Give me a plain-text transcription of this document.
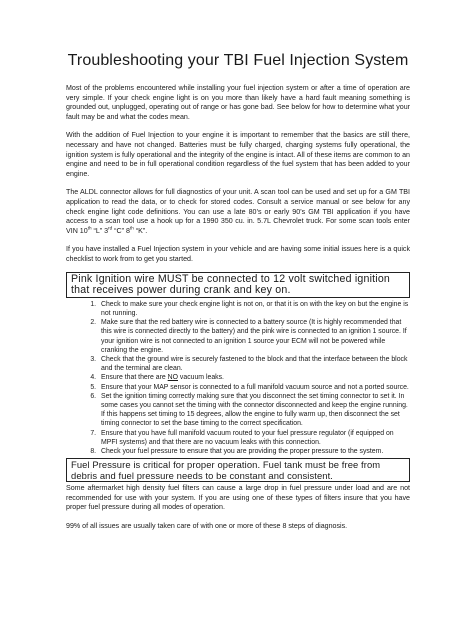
Troubleshooting your TBI Fuel Injection System

Most of the problems encountered while installing your fuel injection system or after a time of operation are very simple. If your check engine light is on you more than likely have a hard fault meaning something is grounded out, unplugged, operating out of range or has gone bad. See below for how to determine what your fault may be and what the codes mean.

With the addition of Fuel Injection to your engine it is important to remember that the basics are still there, necessary and have not changed. Batteries must be fully charged, charging systems fully operational, the ignition system is fully operational and the integrity of the engine is intact. All of these items are common to an engine and need to be in full operational condition regardless of the fuel system that has been added to your engine.

The ALDL connector allows for full diagnostics of your unit. A scan tool can be used and set up for a GM TBI application to read the data, or to check for stored codes. Consult a service manual or see below for any check engine light code definitions. You can use a late 80’s or early 90’s GM TBI application if you have access to a scan tool use a hook up for a 1990 350 cu. in. 5.7L Chevrolet truck. For some scan tools enter VIN 10th “L” 3rd “C” 8th “K”.

If you have installed a Fuel Injection system in your vehicle and are having some initial issues here is a quick checklist to work from to get you started.

Pink Ignition wire MUST be connected to 12 volt switched ignition that receives power during crank and key on.
1. Check to make sure your check engine light is not on, or that it is on with the key on but the engine is not running.
2. Make sure that the red battery wire is connected to a battery source (It is highly recommended that this wire is connected directly to the battery) and the pink wire is connected to an ignition 1 source. If your ignition wire is not connected to an ignition 1 source your ECM will not be powered while cranking the engine.
3. Check that the ground wire is securely fastened to the block and that the interface between the block and the terminal are clean.
4. Ensure that there are NO vacuum leaks.
5. Ensure that your MAP sensor is connected to a full manifold vacuum source and not a ported source.
6. Set the ignition timing correctly making sure that you disconnect the set timing connector to set it. In some cases you cannot set the timing with the connector disconnected and keep the engine running. If this happens set timing to 15 degrees, allow the engine to fully warm up, then disconnect the set timing connector to set the base timing to the correct specification.
7. Ensure that you have full manifold vacuum routed to your fuel pressure regulator (if equipped on MPFI systems) and that there are no vacuum leaks with this connection.
8. Check your fuel pressure to ensure that you are providing the proper pressure to the system.
Fuel Pressure is critical for proper operation. Fuel tank must be free from debris and fuel pressure needs to be constant and consistent.

Some aftermarket high density fuel filters can cause a large drop in fuel pressure under load and are not recommended for use with your system. If you are using one of these types of filters insure that you have proper fuel pressure during all modes of operation.

99% of all issues are usually taken care of with one or more of these 8 steps of diagnosis.
